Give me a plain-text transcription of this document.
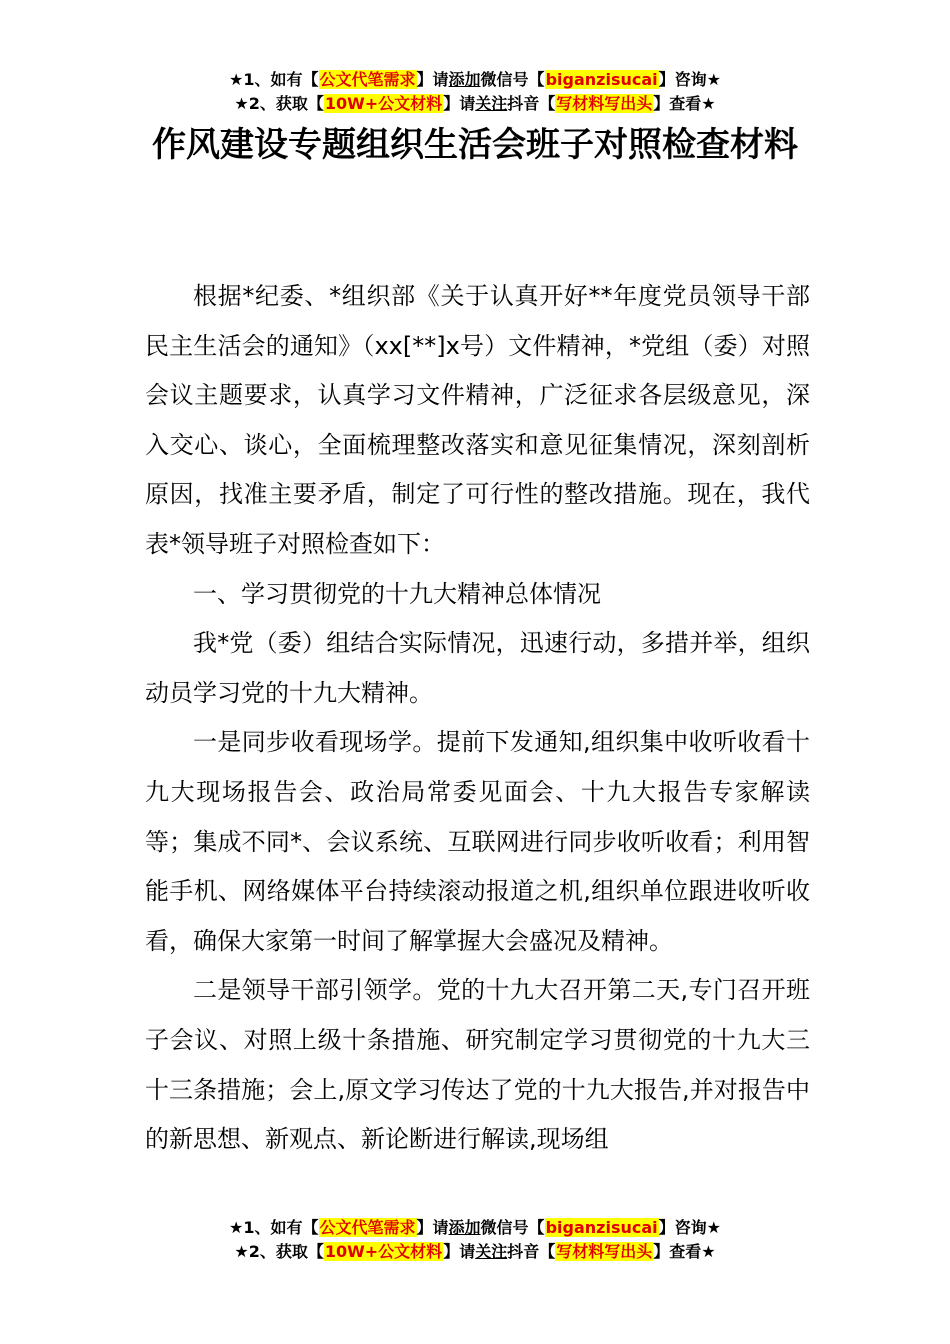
★1、如有【公文代笔需求】请添加微信号【biganzisucai】咨询★
★2、获取【10W+公文材料】请关注抖音【写材料写出头】查看★
作风建设专题组织生活会班子对照检查材料

根据*纪委、*组织部《关于认真开好**年度党员领导干部民主生活会的通知》（xx[**]x号）文件精神，*党组（委）对照会议主题要求，认真学习文件精神，广泛征求各层级意见，深入交心、谈心，全面梳理整改落实和意见征集情况，深刻剖析原因，找准主要矛盾，制定了可行性的整改措施。现在，我代表*领导班子对照检查如下：

一、学习贯彻党的十九大精神总体情况

我*党（委）组结合实际情况，迅速行动，多措并举，组织动员学习党的十九大精神。

一是同步收看现场学。提前下发通知,组织集中收听收看十九大现场报告会、政治局常委见面会、十九大报告专家解读等；集成不同*、会议系统、互联网进行同步收听收看；利用智能手机、网络媒体平台持续滚动报道之机,组织单位跟进收听收看，确保大家第一时间了解掌握大会盛况及精神。

二是领导干部引领学。党的十九大召开第二天,专门召开班子会议、对照上级十条措施、研究制定学习贯彻党的十九大三十三条措施；会上,原文学习传达了党的十九大报告,并对报告中的新思想、新观点、新论断进行解读,现场组

★1、如有【公文代笔需求】请添加微信号【biganzisucai】咨询★
★2、获取【10W+公文材料】请关注抖音【写材料写出头】查看★
